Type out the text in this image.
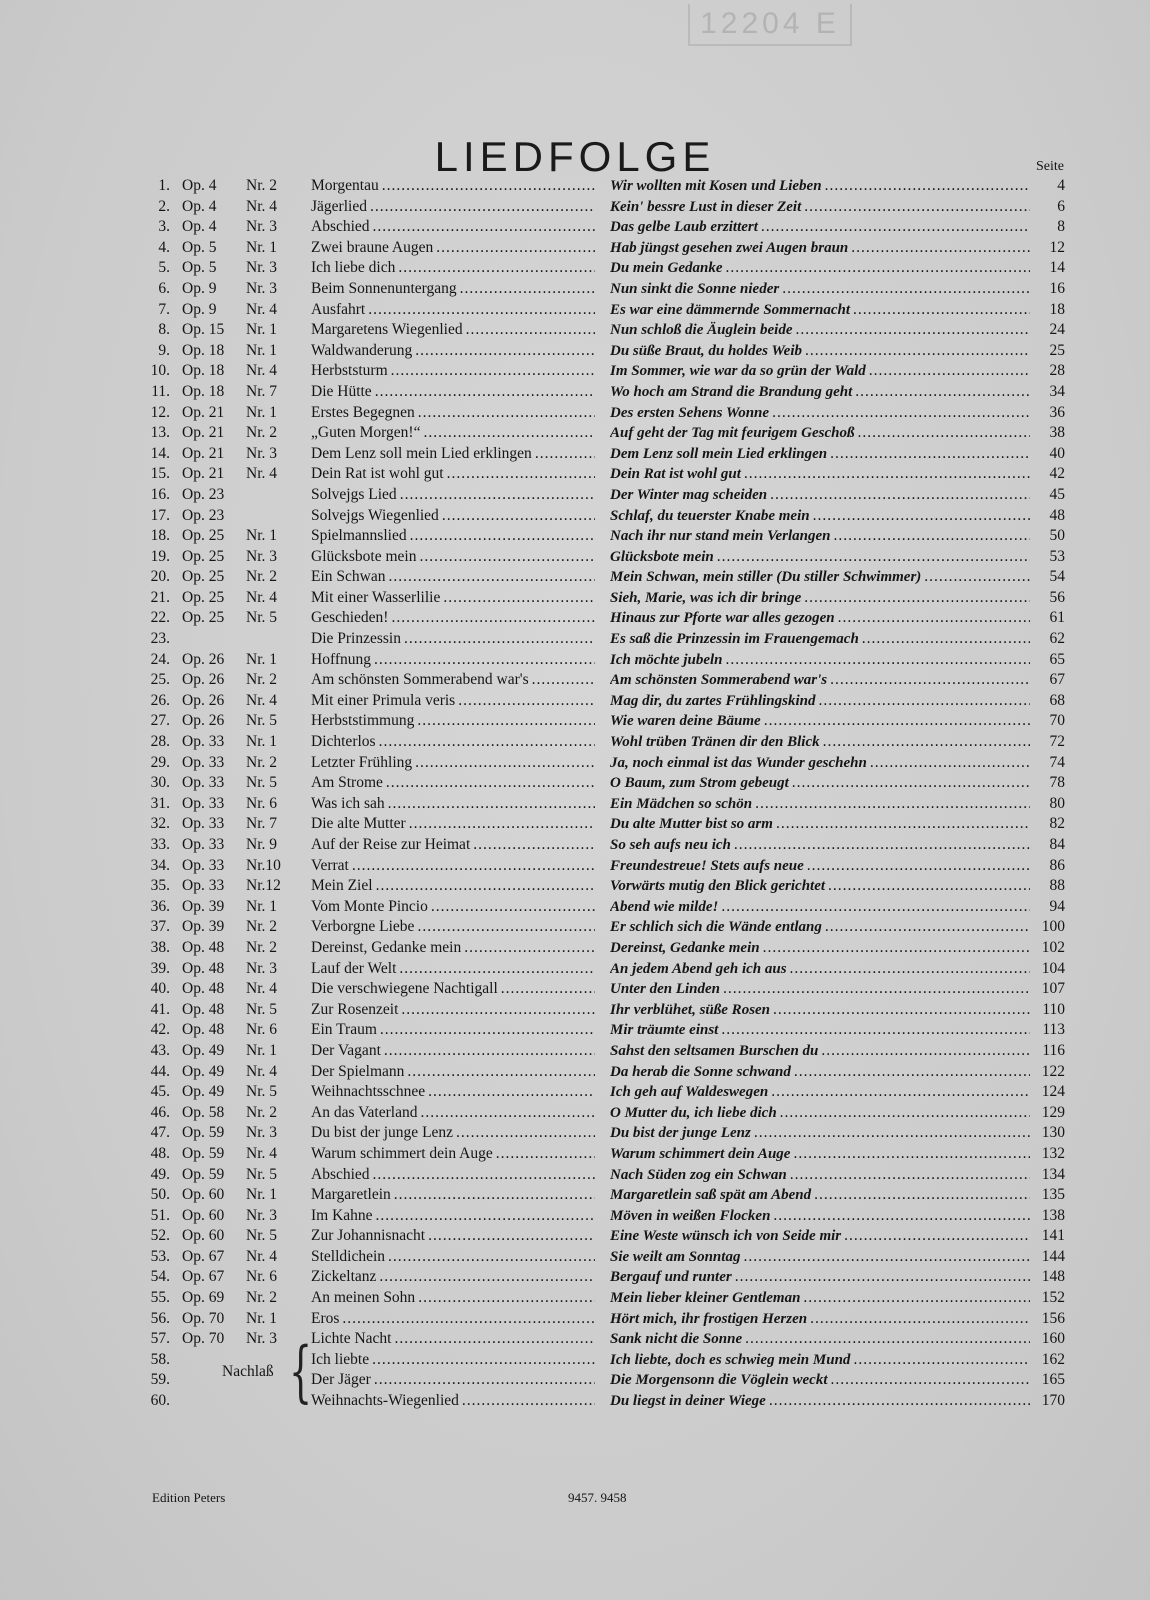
12204 E
LIEDFOLGE	Seite
1. Op. 4	Nr. 2	Morgentau .....	Wir wollten mit Kosen und Lieben .....	4
2. Op. 4	Nr. 4	Jägerlied .....	Kein' bessre Lust in dieser Zeit .....	6
3. Op. 4	Nr. 3	Abschied .....	Das gelbe Laub erzittert .....	8
4. Op. 5	Nr. 1	Zwei braune Augen .....	Hab jüngst gesehen zwei Augen braun .....	12
5. Op. 5	Nr. 3	Ich liebe dich .....	Du mein Gedanke .....	14
6. Op. 9	Nr. 3	Beim Sonnenuntergang .....	Nun sinkt die Sonne nieder .....	16
7. Op. 9	Nr. 4	Ausfahrt .....	Es war eine dämmernde Sommernacht .....	18
8. Op. 15	Nr. 1	Margaretens Wiegenlied .....	Nun schloß die Äuglein beide .....	24
9. Op. 18	Nr. 1	Waldwanderung .....	Du süße Braut, du holdes Weib .....	25
10. Op. 18	Nr. 4	Herbststurm .....	Im Sommer, wie war da so grün der Wald .....	28
11. Op. 18	Nr. 7	Die Hütte .....	Wo hoch am Strand die Brandung geht .....	34
12. Op. 21	Nr. 1	Erstes Begegnen .....	Des ersten Sehens Wonne .....	36
13. Op. 21	Nr. 2	„Guten Morgen!“ .....	Auf geht der Tag mit feurigem Geschoß .....	38
14. Op. 21	Nr. 3	Dem Lenz soll mein Lied erklingen .....	Dem Lenz soll mein Lied erklingen .....	40
15. Op. 21	Nr. 4	Dein Rat ist wohl gut .....	Dein Rat ist wohl gut .....	42
16. Op. 23	Solvejgs Lied .....	Der Winter mag scheiden .....	45
17. Op. 23	Solvejgs Wiegenlied .....	Schlaf, du teuerster Knabe mein .....	48
18. Op. 25	Nr. 1	Spielmannslied .....	Nach ihr nur stand mein Verlangen .....	50
19. Op. 25	Nr. 3	Glücksbote mein .....	Glücksbote mein .....	53
20. Op. 25	Nr. 2	Ein Schwan .....	Mein Schwan, mein stiller (Du stiller Schwimmer) .....	54
21. Op. 25	Nr. 4	Mit einer Wasserlilie .....	Sieh, Marie, was ich dir bringe .....	56
22. Op. 25	Nr. 5	Geschieden! .....	Hinaus zur Pforte war alles gezogen .....	61
23.	Die Prinzessin .....	Es saß die Prinzessin im Frauengemach .....	62
24. Op. 26	Nr. 1	Hoffnung .....	Ich möchte jubeln .....	65
25. Op. 26	Nr. 2	Am schönsten Sommerabend war's .....	Am schönsten Sommerabend war's .....	67
26. Op. 26	Nr. 4	Mit einer Primula veris .....	Mag dir, du zartes Frühlingskind .....	68
27. Op. 26	Nr. 5	Herbststimmung .....	Wie waren deine Bäume .....	70
28. Op. 33	Nr. 1	Dichterlos .....	Wohl trüben Tränen dir den Blick .....	72
29. Op. 33	Nr. 2	Letzter Frühling .....	Ja, noch einmal ist das Wunder geschehn .....	74
30. Op. 33	Nr. 5	Am Strome .....	O Baum, zum Strom gebeugt .....	78
31. Op. 33	Nr. 6	Was ich sah .....	Ein Mädchen so schön .....	80
32. Op. 33	Nr. 7	Die alte Mutter .....	Du alte Mutter bist so arm .....	82
33. Op. 33	Nr. 9	Auf der Reise zur Heimat .....	So seh aufs neu ich .....	84
34. Op. 33	Nr.10	Verrat .....	Freundestreue! Stets aufs neue .....	86
35. Op. 33	Nr.12	Mein Ziel .....	Vorwärts mutig den Blick gerichtet .....	88
36. Op. 39	Nr. 1	Vom Monte Pincio .....	Abend wie milde! .....	94
37. Op. 39	Nr. 2	Verborgne Liebe .....	Er schlich sich die Wände entlang .....	100
38. Op. 48	Nr. 2	Dereinst, Gedanke mein .....	Dereinst, Gedanke mein .....	102
39. Op. 48	Nr. 3	Lauf der Welt .....	An jedem Abend geh ich aus .....	104
40. Op. 48	Nr. 4	Die verschwiegene Nachtigall .....	Unter den Linden .....	107
41. Op. 48	Nr. 5	Zur Rosenzeit .....	Ihr verblühet, süße Rosen .....	110
42. Op. 48	Nr. 6	Ein Traum .....	Mir träumte einst .....	113
43. Op. 49	Nr. 1	Der Vagant .....	Sahst den seltsamen Burschen du .....	116
44. Op. 49	Nr. 4	Der Spielmann .....	Da herab die Sonne schwand .....	122
45. Op. 49	Nr. 5	Weihnachtsschnee .....	Ich geh auf Waldeswegen .....	124
46. Op. 58	Nr. 2	An das Vaterland .....	O Mutter du, ich liebe dich .....	129
47. Op. 59	Nr. 3	Du bist der junge Lenz .....	Du bist der junge Lenz .....	130
48. Op. 59	Nr. 4	Warum schimmert dein Auge .....	Warum schimmert dein Auge .....	132
49. Op. 59	Nr. 5	Abschied .....	Nach Süden zog ein Schwan .....	134
50. Op. 60	Nr. 1	Margaretlein .....	Margaretlein saß spät am Abend .....	135
51. Op. 60	Nr. 3	Im Kahne .....	Möven in weißen Flocken .....	138
52. Op. 60	Nr. 5	Zur Johannisnacht .....	Eine Weste wünsch ich von Seide mir .....	141
53. Op. 67	Nr. 4	Stelldichein .....	Sie weilt am Sonntag .....	144
54. Op. 67	Nr. 6	Zickeltanz .....	Bergauf und runter .....	148
55. Op. 69	Nr. 2	An meinen Sohn .....	Mein lieber kleiner Gentleman .....	152
56. Op. 70	Nr. 1	Eros .....	Hört mich, ihr frostigen Herzen .....	156
57. Op. 70	Nr. 3	Lichte Nacht .....	Sank nicht die Sonne .....	160
58.	Ich liebte .....	Ich liebte, doch es schwieg mein Mund .....	162
59.	Der Jäger .....	Die Morgensonn die Vöglein weckt .....	165
60.	Weihnachts-Wiegenlied .....	Du liegst in deiner Wiege .....	170
{
Nachlaß
Edition Peters	9457. 9458
